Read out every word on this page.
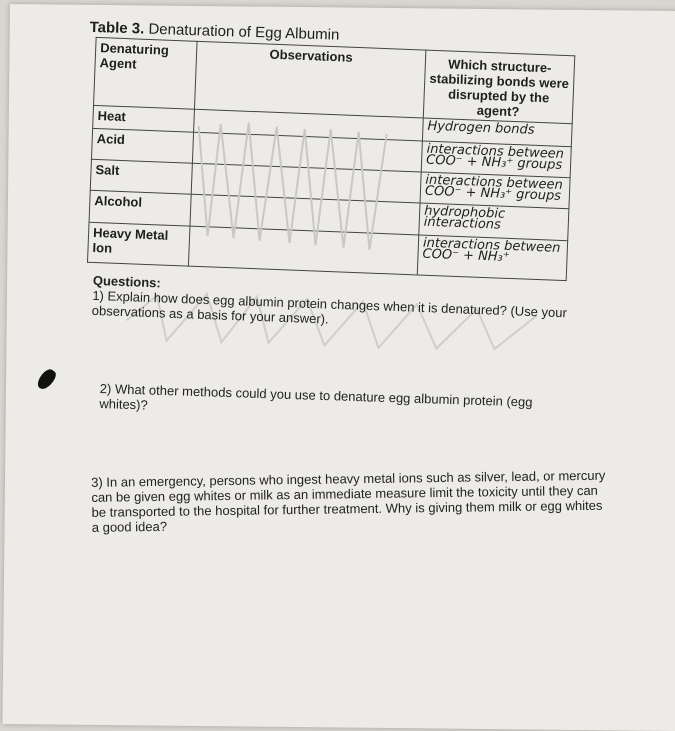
Table 3. Denaturation of Egg Albumin
Denaturing Agent	Observations	Which structure-stabilizing bonds were disrupted by the agent?
Heat		Hydrogen bonds
Acid		interactions between COO⁻ + NH₃⁺ groups
Salt		interactions between COO⁻ + NH₃⁺ groups
Alcohol		hydrophobic interactions
Heavy Metal Ion		interactions between COO⁻ + NH₃⁺
Questions:
1) Explain how does egg albumin protein changes when it is denatured? (Use your observations as a basis for your answer).
2) What other methods could you use to denature egg albumin protein (egg whites)?
3) In an emergency, persons who ingest heavy metal ions such as silver, lead, or mercury can be given egg whites or milk as an immediate measure limit the toxicity until they can be transported to the hospital for further treatment. Why is giving them milk or egg whites a good idea?
